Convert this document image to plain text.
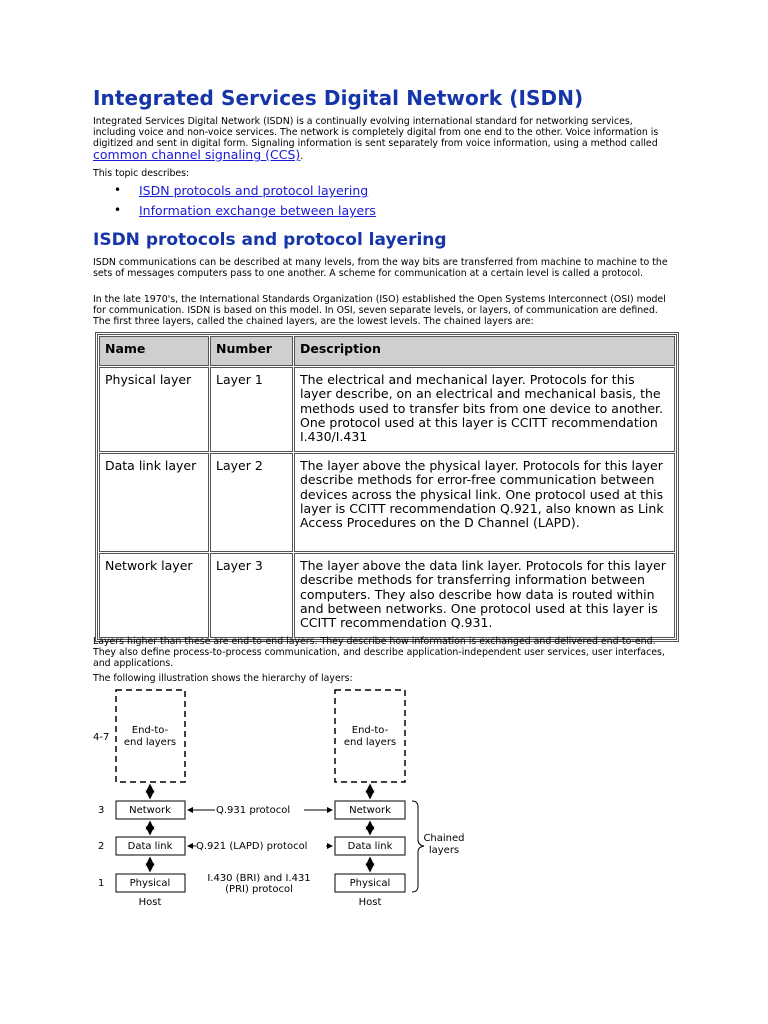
Integrated Services Digital Network (ISDN)

Integrated Services Digital Network (ISDN) is a continually evolving international standard for networking services, including voice and non-voice services. The network is completely digital from one end to the other. Voice information is digitized and sent in digital form. Signaling information is sent separately from voice information, using a method called common channel signaling (CCS).

This topic describes:

• ISDN protocols and protocol layering
• Information exchange between layers
ISDN protocols and protocol layering

ISDN communications can be described at many levels, from the way bits are transferred from machine to machine to the sets of messages computers pass to one another. A scheme for communication at a certain level is called a protocol.

In the late 1970's, the International Standards Organization (ISO) established the Open Systems Interconnect (OSI) model for communication. ISDN is based on this model. In OSI, seven separate levels, or layers, of communication are defined. The first three layers, called the chained layers, are the lowest levels. The chained layers are:

Name	Number	Description
Physical layer	Layer 1	The electrical and mechanical layer. Protocols for this layer describe, on an electrical and mechanical basis, the methods used to transfer bits from one device to another. One protocol used at this layer is CCITT recommendation I.430/I.431
Data link layer	Layer 2	The layer above the physical layer. Protocols for this layer describe methods for error-free communication between devices across the physical link. One protocol used at this layer is CCITT recommendation Q.921, also known as Link Access Procedures on the D Channel (LAPD).
Network layer	Layer 3	The layer above the data link layer. Protocols for this layer describe methods for transferring information between computers. They also describe how data is routed within and between networks. One protocol used at this layer is CCITT recommendation Q.931.

Layers higher than these are end-to-end layers. They describe how information is exchanged and delivered end-to-end. They also define process-to-process communication, and describe application-independent user services, user interfaces, and applications.

The following illustration shows the hierarchy of layers:

End-to-
end layers
Network
Data link
Physical
Host
End-to-
end layers
Network
Data link
Physical
Host
4-7
3
2
1
Q.931 protocol
Q.921 (LAPD) protocol
I.430 (BRI) and I.431
(PRI) protocol
Chained
layers
